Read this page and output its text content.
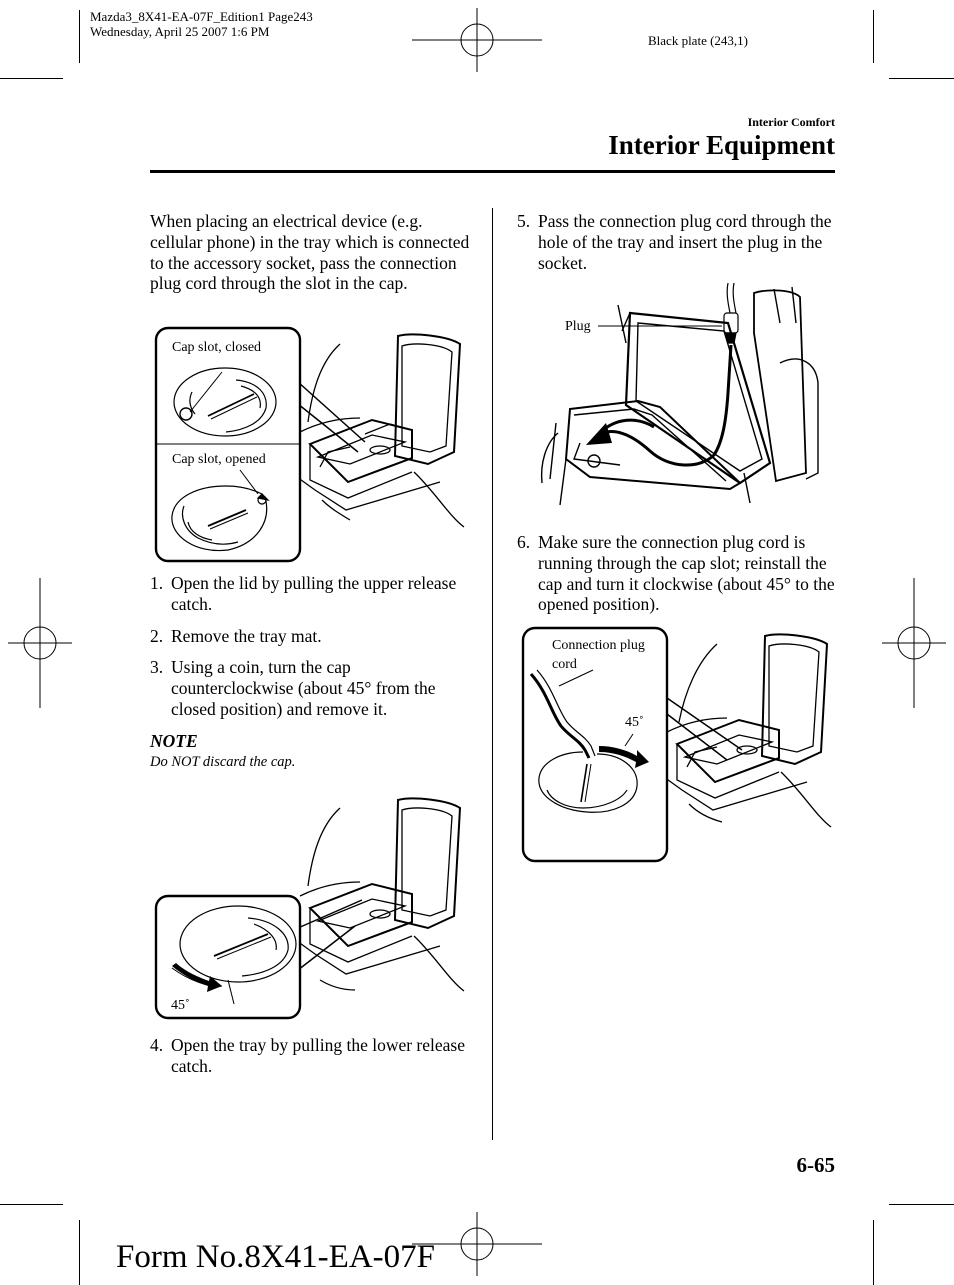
Mazda3_8X41-EA-07F_Edition1 Page243
Wednesday, April 25 2007 1:6 PM
Black plate (243,1)
Interior Comfort
Interior Equipment
When placing an electrical device (e.g. cellular phone) in the tray which is connected to the accessory socket, pass the connection plug cord through the slot in the cap.
Cap slot, closed
Cap slot, opened
1. Open the lid by pulling the upper release catch.
2. Remove the tray mat.
3. Using a coin, turn the cap counterclockwise (about 45° from the closed position) and remove it.
NOTE
Do NOT discard the cap.
45˚
4. Open the tray by pulling the lower release catch.
5. Pass the connection plug cord through the hole of the tray and insert the plug in the socket.
Plug
6. Make sure the connection plug cord is running through the cap slot; reinstall the cap and turn it clockwise (about 45° to the opened position).
Connection plug
cord
45˚
6-65
Form No.8X41-EA-07F
